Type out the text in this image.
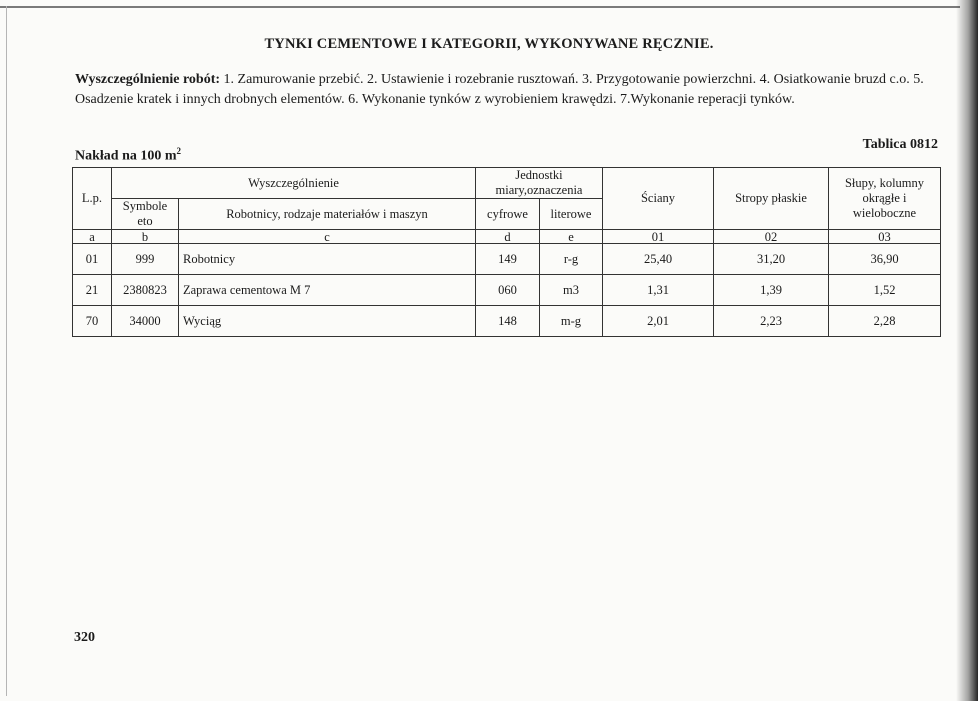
TYNKI CEMENTOWE I KATEGORII, WYKONYWANE RĘCZNIE.
Wyszczególnienie robót: 1. Zamurowanie przebić. 2. Ustawienie i rozebranie rusztowań. 3. Przygotowanie powierzchni. 4. Osiatkowanie bruzd c.o. 5. Osadzenie kratek i innych drobnych elementów. 6. Wykonanie tynków z wyrobieniem krawędzi. 7.Wykonanie reperacji tynków.
Nakład na 100 $m^2$	Tablica 0812
L.p.	Wyszczególnienie		Jednostki miary,oznaczenia		Ściany	Stropy płaskie	Słupy, kolumny okrągłe i wieloboczne
	Symbole eto	Robotnicy, rodzaje materiałów i maszyn					
			cyfrowe	literowe			
a	b	c	d	e	01	02	03
01	999	Robotnicy	149	r-g	25,40	31,20	36,90
21	2380823	Zaprawa cementowa M 7	060	m3	1,31	1,39	1,52
70	34000	Wyciąg	148	m-g	2,01	2,23	2,28
320
